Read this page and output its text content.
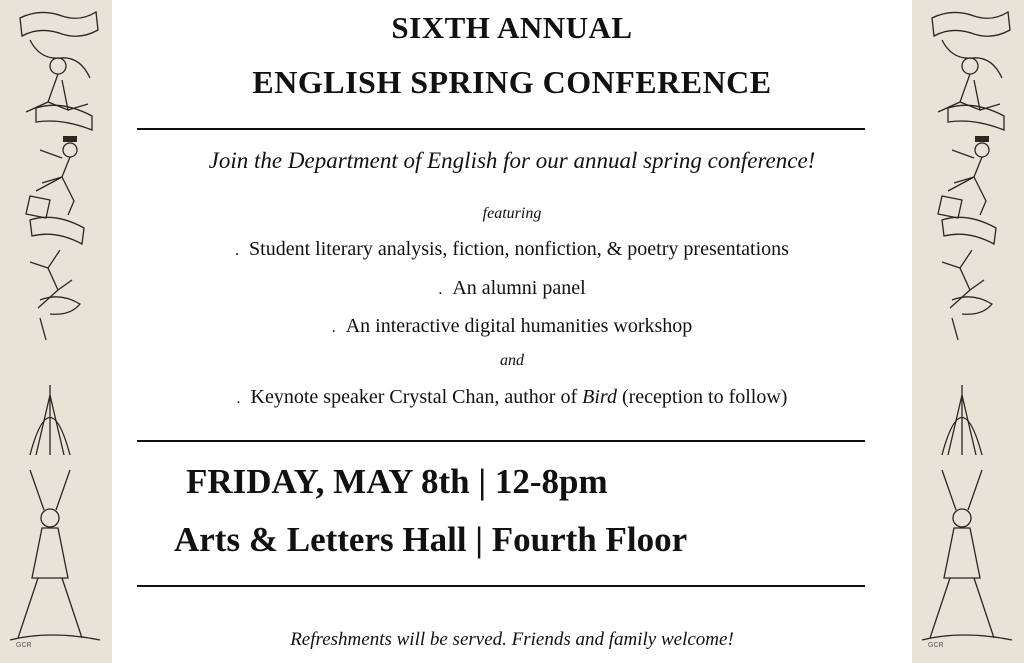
GCR	GCR
SIXTH ANNUAL
ENGLISH SPRING CONFERENCE
Join the Department of English for our annual spring conference!
featuring
. Student literary analysis, fiction, nonfiction, & poetry presentations
. An alumni panel
. An interactive digital humanities workshop
and
. Keynote speaker Crystal Chan, author of Bird (reception to follow)
FRIDAY, MAY 8th | 12-8pm
Arts & Letters Hall | Fourth Floor
Refreshments will be served. Friends and family welcome!
